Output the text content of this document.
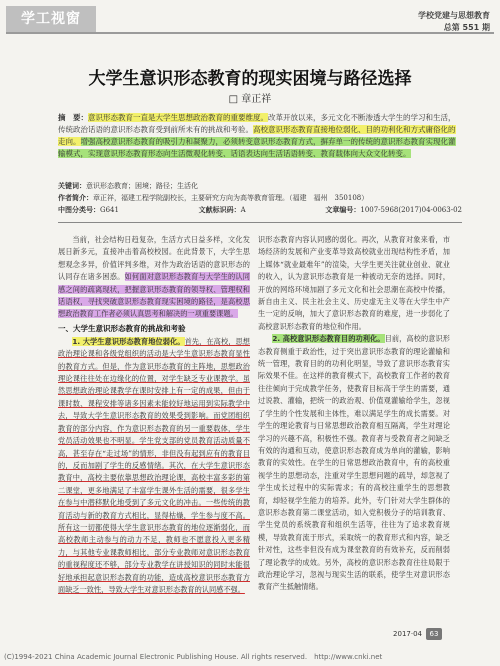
学工视窗	学校党建与思想教育
总第 551 期
大学生意识形态教育的现实困境与路径选择
□ 章正祥
摘　要：意识形态教育一直是大学生思想政治教育的重要维度。改革开放以来，多元文化不断渗透大学生的学习和生活，传统政治话语的意识形态教育受到前所未有的挑战和考验。高校意识形态教育直接地位弱化、目的功利化和方式庸俗化的走向。增强高校意识形态教育的吸引力和凝聚力，必须转变意识形态教育方式，摒弃单一的传统的意识形态教育实现化灌输模式，实现意识形态教育形态向生活微观化转变、话语表达向生活话语转变、教育载体向大众文化转变。
关键词：意识形态教育；困境；路径；生活化
作者简介：章正祥，福建工程学院副校长，主要研究方向为高等教育管理。（福建　福州　350108）
中图分类号：G641	文献标识码：A	文章编号：1007-5968(2017)04-0063-02

当前，社会结构日趋复杂，生活方式日益多样，文化发展日新多元，直接冲击着高校校园。在此背景下，大学生思想观念多异，价值评判多维，对作为政治话语的意识形态的认同存在诸多困惑。如何面对意识形态教育与大学生的认同感之间的疏离现状，把握意识形态教育的领导权、管理权和话语权，寻找突破意识形态教育现实困境的路径，是高校思想政治教育工作者必须认真思考和解决的一项重要课题。

一、大学生意识形态教育的挑战和考验

1. 大学生意识形态教育地位弱化。首先，在高校，思想政治理论课和各级党组织的活动是大学生意识形态教育显性的教育方式。但是，作为意识形态教育的主阵地，思想政治理论课往往处在边缘化的位置，对学生缺乏专业课教学。虽然思想政治理论课教学在课时安排上有一定的成果，但由于课时数、课程安排等诸多因素未能较好地运用到实际教学中去，导致大学生意识形态教育的效果受到影响。而党团组织教育的部分内容，作为意识形态教育的另一重要载体，学生党员活动效果也不明显。学生党支部的党员教育活动质量不高，甚至存在“走过场”的情形，非但没有起到应有的教育目的，反而加剧了学生的反感情绪。其次，在大学生意识形态教育中，高校主要依靠思想政治理论课，高校丰富多彩的第二课堂，更多地满足了丰富学生课外生活的需要，很多学生在参与中潜移默化地受到了多元文化的冲击。一些传统的教育活动与新的教育方式相比，显得枯燥，学生参与度不高。所有这一切都使得大学生意识形态教育的地位逐渐弱化，而高校教师主动参与的动力不足，教师也不愿意投入更多精力，与其他专业课教师相比，部分专业教师对意识形态教育的重视程度还不够，部分专业教学在讲授知识的同时未能很好地承担起意识形态教育的功能，造成高校意识形态教育方面缺乏一致性，导致大学生对意识形态教育的认同感不强。

识形态教育内容认同感的弱化。再次，从教育对象来看，市场经济的发展和产业变革导致高校就业出现结构性矛盾，加上媒体“就业最难年”的渲染，大学生更关注就业创业、就业的收入，认为意识形态教育是一种被动无奈的选择。同时，开放的网络环境加剧了多元文化和社会思潮在高校中传播，新自由主义、民主社会主义、历史虚无主义等在大学生中产生一定的反响，加大了意识形态教育的难度，进一步弱化了高校意识形态教育的地位和作用。

2. 高校意识形态教育目的功利化。目前，高校的意识形态教育侧重于政治性，过于突出意识形态教育的理论灌输和统一管理，教育目的的功利化明显，导致了意识形态教育实际效果不佳。在这样的教育模式下，高校教育工作者的教育往往倾向于完成教学任务，使教育目标高于学生的需要，通过说教、灌输，把统一的政治观、价值观灌输给学生，忽视了学生的个性发展和主体性，难以满足学生的成长需要。对学生的理论教育与日常思想政治教育相互隔离，学生对理论学习的兴趣不高，积极性不强。教育者与受教育者之间缺乏有效的沟通和互动，使意识形态教育成为单向的灌输，影响教育的实效性。在学生的日常思想政治教育中，有的高校重视学生的思想动态，注重对学生思想问题的疏导，却忽视了学生成长过程中的实际需求；有的高校注重学生的思想教育，却轻视学生能力的培养。此外，专门针对大学生群体的意识形态教育第二课堂活动，如入党积极分子的培训教育、学生党员的系统教育和组织生活等，往往为了追求教育规模，导致教育流于形式，采取统一的教育形式和内容，缺乏针对性，这些非但没有成为课堂教育的有效补充，反而削弱了理论教学的成效。另外，高校的意识形态教育往往局限于政治理论学习，忽视与现实生活的联系，使学生对意识形态教育产生抵触情绪。

2017·04 63
(C)1994-2021 China Academic Journal Electronic Publishing House. All rights reserved.　http://www.cnki.net
